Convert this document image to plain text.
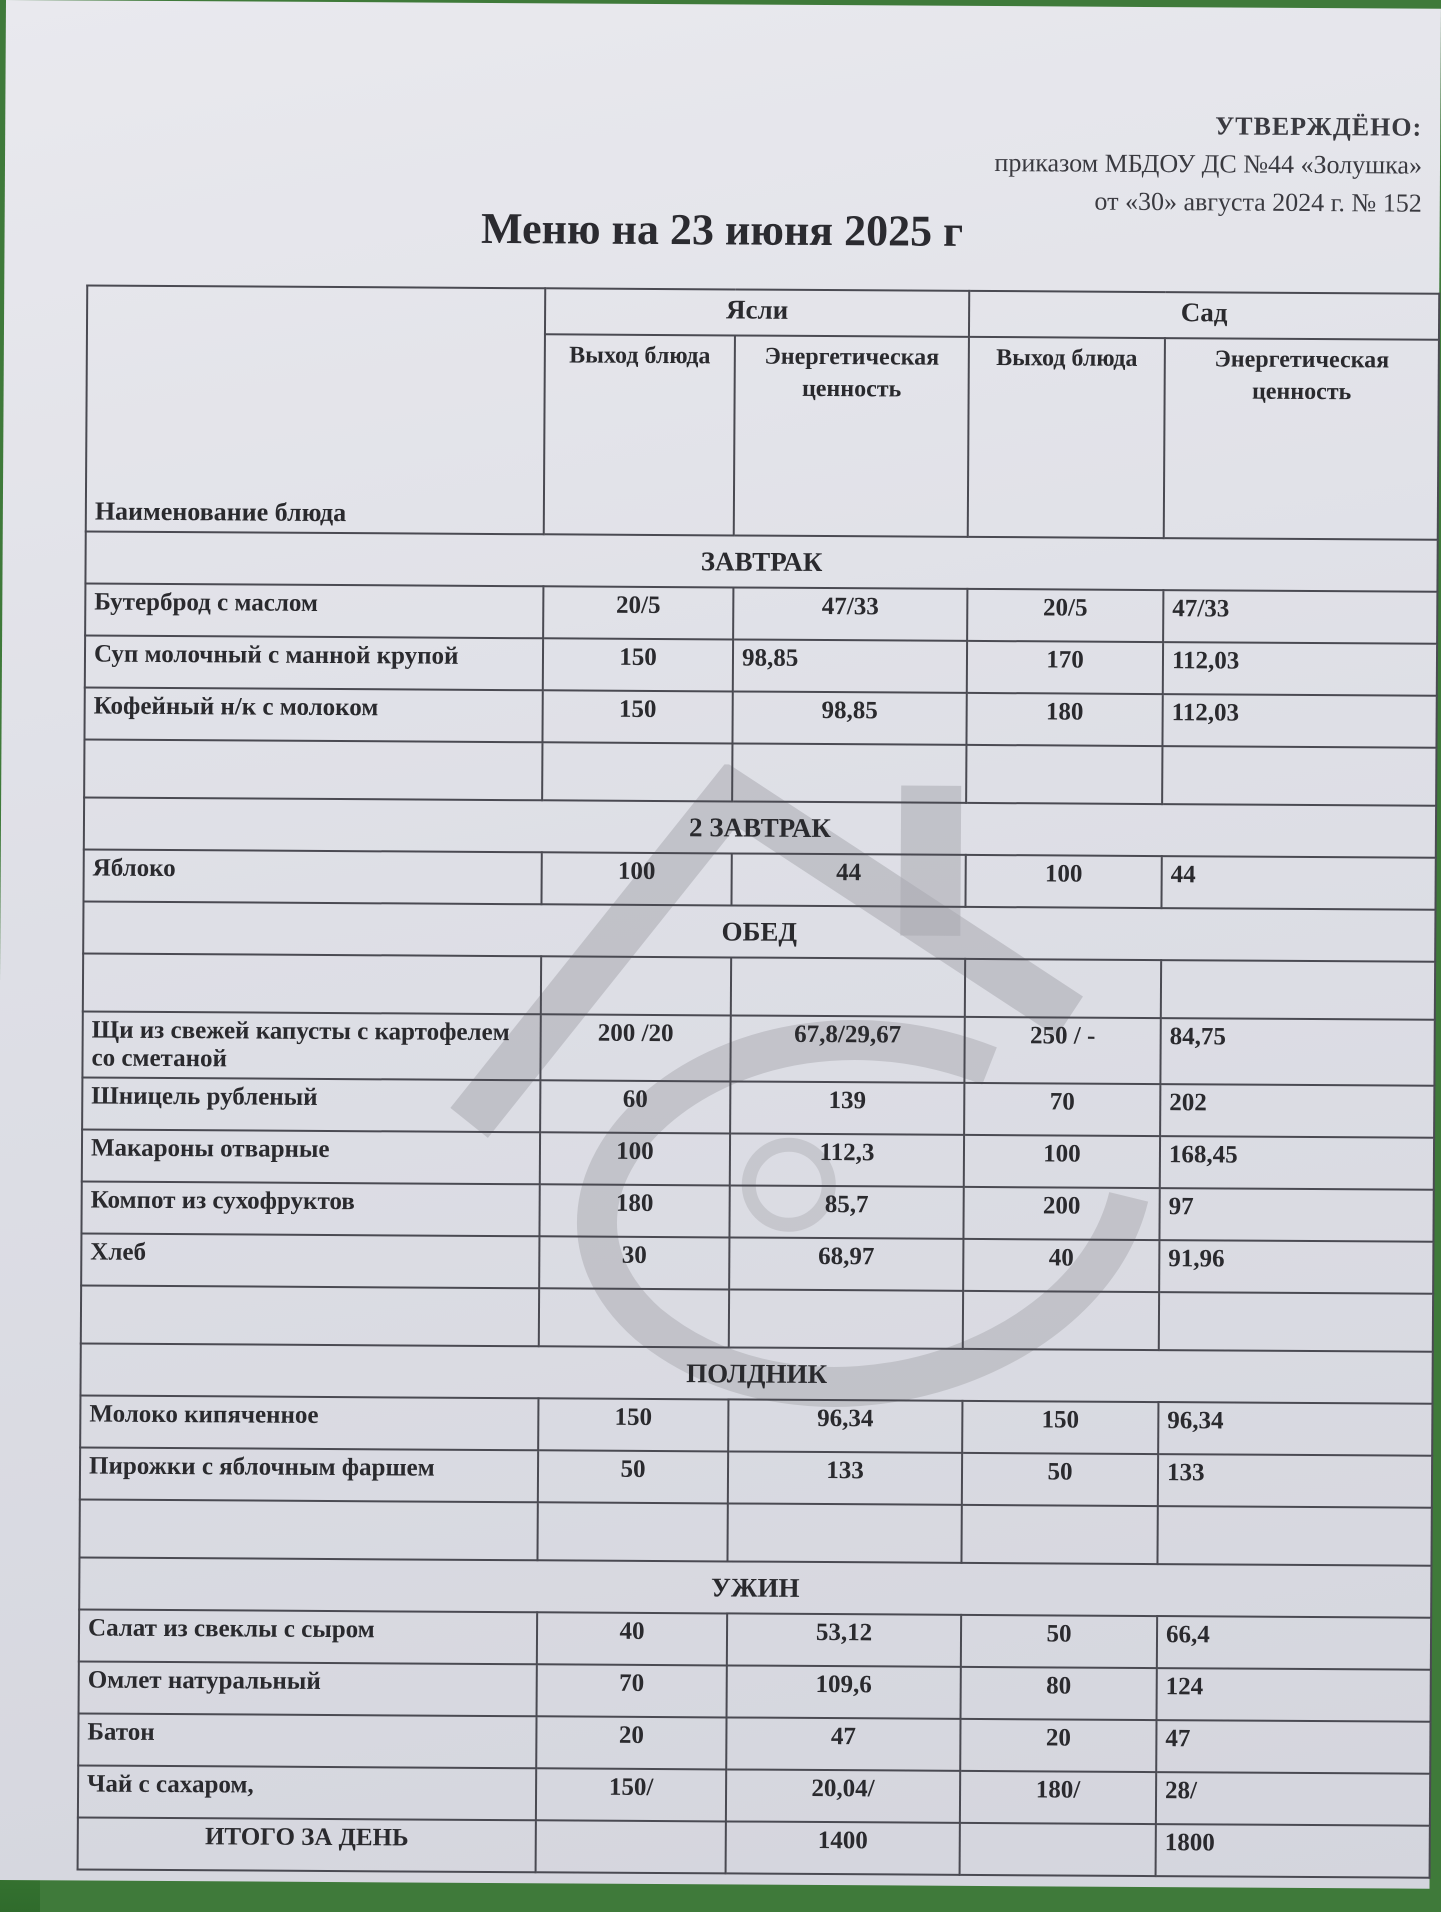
УТВЕРЖДЁНО:
приказом МБДОУ ДС №44 «Золушка»
от «30» августа 2024 г. № 152
Меню на 23 июня 2025 г
Наименование блюда	Ясли		Сад	
	Выход блюда	Энергетическая ценность	Выход блюда	Энергетическая ценность
ЗАВТРАК				
Бутерброд с маслом	20/5	47/33	20/5	47/33
Суп молочный с манной крупой	150	98,85	170	112,03
Кофейный н/к с молоком	150	98,85	180	112,03

2 ЗАВТРАК				
Яблоко	100	44	100	44
ОБЕД				

Щи из свежей капусты с картофелем со сметаной	200 /20	67,8/29,67	250 / -	84,75
Шницель рубленый	60	139	70	202
Макароны отварные	100	112,3	100	168,45
Компот из сухофруктов	180	85,7	200	97
Хлеб	30	68,97	40	91,96

ПОЛДНИК				
Молоко кипяченное	150	96,34	150	96,34
Пирожки с яблочным фаршем	50	133	50	133

УЖИН				
Салат из свеклы с сыром	40	53,12	50	66,4
Омлет натуральный	70	109,6	80	124
Батон	20	47	20	47
Чай с сахаром,	150/	20,04/	180/	28/
ИТОГО ЗА ДЕНЬ		1400		1800
